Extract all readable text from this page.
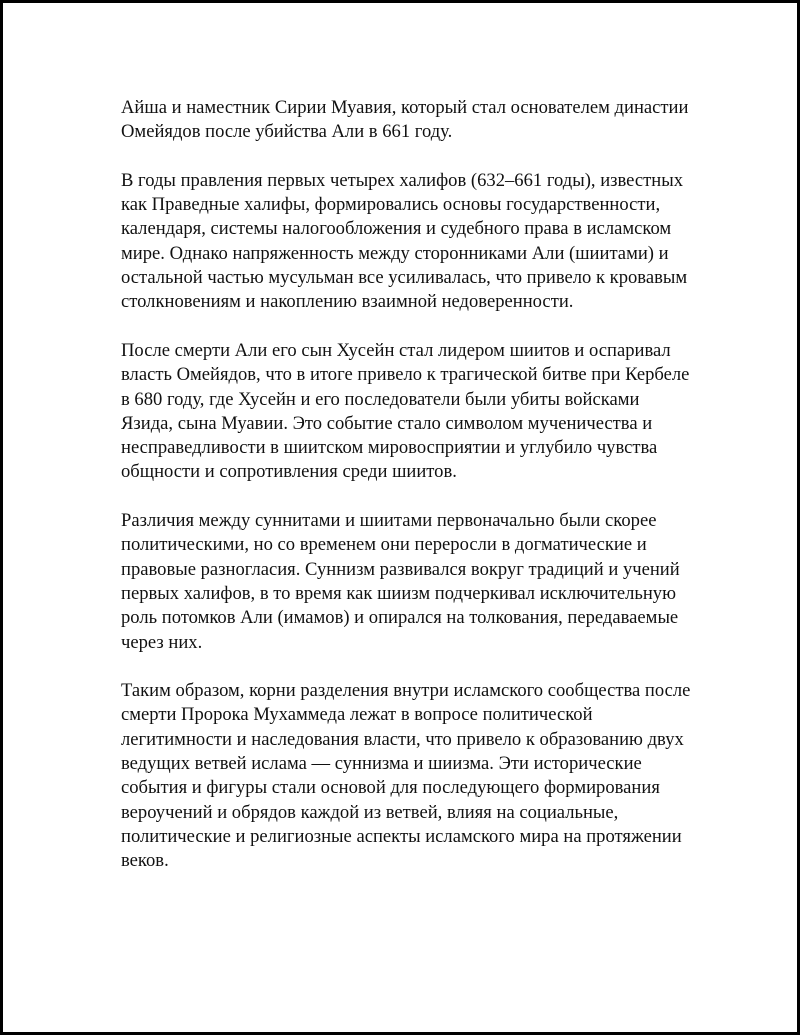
Айша и наместник Сирии Муавия, который стал основателем династии
Омейядов после убийства Али в 661 году.

В годы правления первых четырех халифов (632–661 годы), известных
как Праведные халифы, формировались основы государственности,
календаря, системы налогообложения и судебного права в исламском
мире. Однако напряженность между сторонниками Али (шиитами) и
остальной частью мусульман все усиливалась, что привело к кровавым
столкновениям и накоплению взаимной недоверенности.

После смерти Али его сын Хусейн стал лидером шиитов и оспаривал
власть Омейядов, что в итоге привело к трагической битве при Кербеле
в 680 году, где Хусейн и его последователи были убиты войсками
Язида, сына Муавии. Это событие стало символом мученичества и
несправедливости в шиитском мировосприятии и углубило чувства
общности и сопротивления среди шиитов.

Различия между суннитами и шиитами первоначально были скорее
политическими, но со временем они переросли в догматические и
правовые разногласия. Суннизм развивался вокруг традиций и учений
первых халифов, в то время как шиизм подчеркивал исключительную
роль потомков Али (имамов) и опирался на толкования, передаваемые
через них.

Таким образом, корни разделения внутри исламского сообщества после
смерти Пророка Мухаммеда лежат в вопросе политической
легитимности и наследования власти, что привело к образованию двух
ведущих ветвей ислама — суннизма и шиизма. Эти исторические
события и фигуры стали основой для последующего формирования
вероучений и обрядов каждой из ветвей, влияя на социальные,
политические и религиозные аспекты исламского мира на протяжении
веков.
